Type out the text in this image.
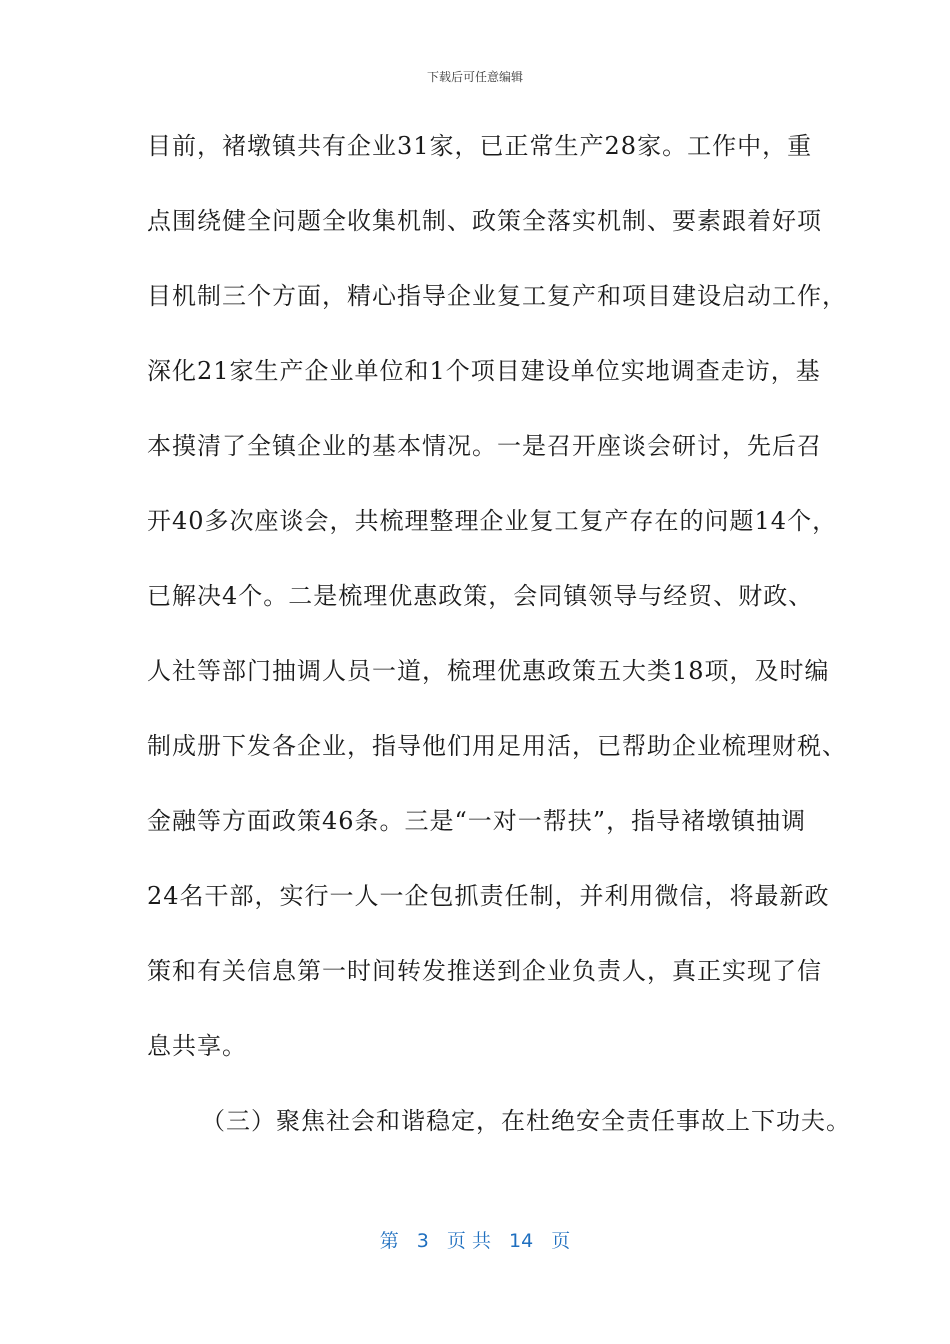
下载后可任意编辑
目前，褚墩镇共有企业31家，已正常生产28家。工作中，重
点围绕健全问题全收集机制、政策全落实机制、要素跟着好项
目机制三个方面，精心指导企业复工复产和项目建设启动工作，
深化21家生产企业单位和1个项目建设单位实地调查走访，基
本摸清了全镇企业的基本情况。一是召开座谈会研讨，先后召
开40多次座谈会，共梳理整理企业复工复产存在的问题14个，
已解决4个。二是梳理优惠政策，会同镇领导与经贸、财政、
人社等部门抽调人员一道，梳理优惠政策五大类18项，及时编
制成册下发各企业，指导他们用足用活，已帮助企业梳理财税、
金融等方面政策46条。三是“一对一帮扶”，指导褚墩镇抽调
24名干部，实行一人一企包抓责任制，并利用微信，将最新政
策和有关信息第一时间转发推送到企业负责人，真正实现了信
息共享。
（三）聚焦社会和谐稳定，在杜绝安全责任事故上下功夫。
第 3 页 共 14 页
